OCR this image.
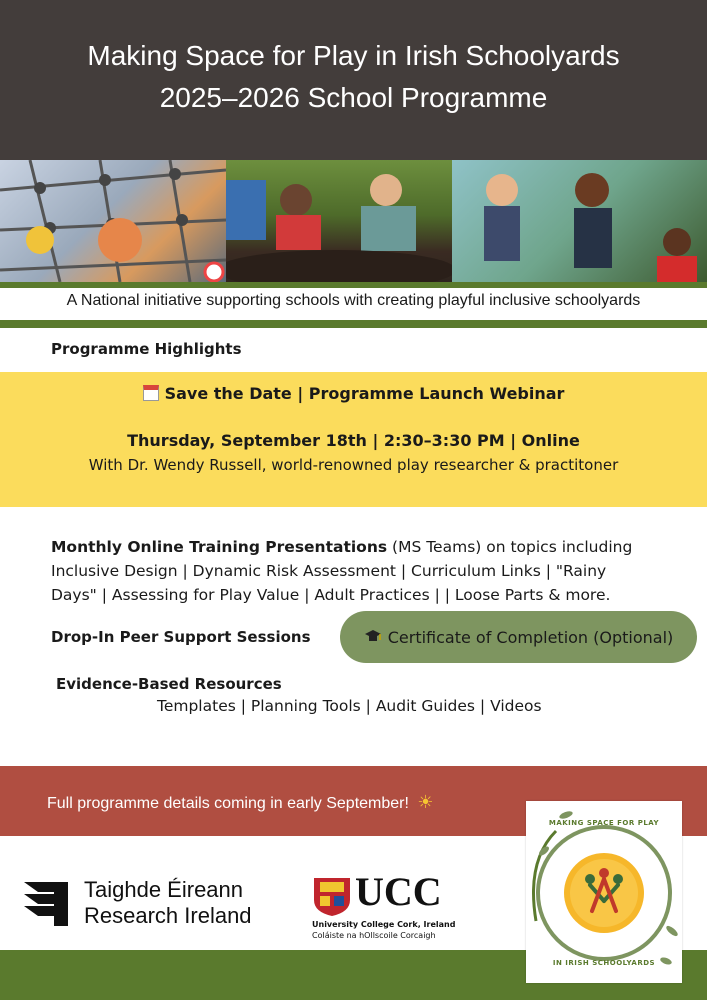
Making Space for Play in Irish Schoolyards
2025–2026 School Programme
A National initiative supporting schools with creating playful inclusive schoolyards
Programme Highlights
Save the Date | Programme Launch Webinar
Thursday, September 18th | 2:30–3:30 PM | Online
With Dr. Wendy Russell, world-renowned play researcher & practitoner
Monthly Online Training Presentations (MS Teams) on topics including
Inclusive Design | Dynamic Risk Assessment | Curriculum Links | "Rainy
Days" | Assessing for Play Value | Adult Practices | | Loose Parts & more.
Drop-In Peer Support Sessions	Certificate of Completion (Optional)
Evidence-Based Resources
Templates | Planning Tools | Audit Guides | Videos
Full programme details coming in early September! ☀
Taighde Éireann
Research Ireland
UCC
University College Cork, Ireland
Coláiste na hOllscoile Corcaigh
MAKING SPACE FOR PLAY
IN IRISH SCHOOLYARDS
